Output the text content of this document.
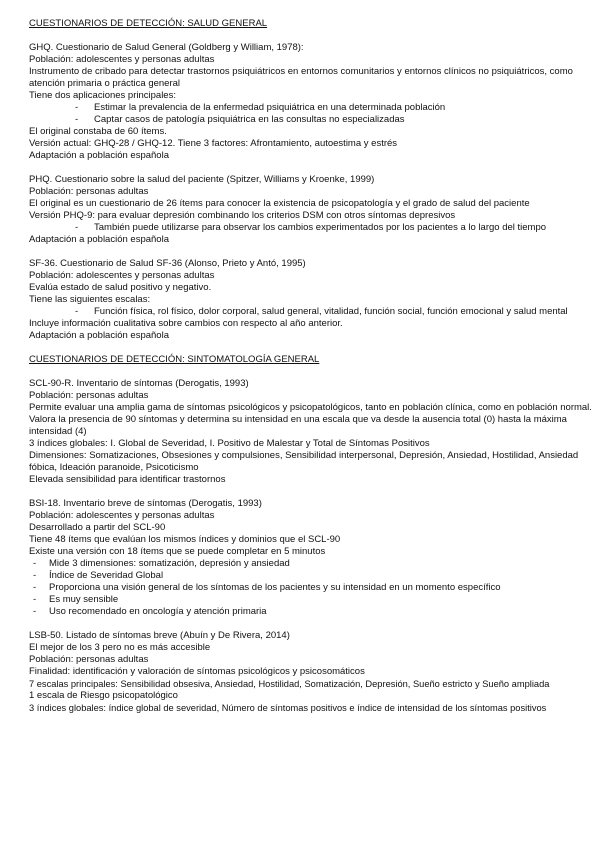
CUESTIONARIOS DE DETECCIÓN: SALUD GENERAL

GHQ. Cuestionario de Salud General (Goldberg y William, 1978):

Población: adolescentes y personas adultas

Instrumento de cribado para detectar trastornos psiquiátricos en entornos comunitarios y entornos clínicos no psiquiátricos, como atención primaria o práctica general

Tiene dos aplicaciones principales:

- Estimar la prevalencia de la enfermedad psiquiátrica en una determinada población
- Captar casos de patología psiquiátrica en las consultas no especializadas

El original constaba de 60 ítems.

Versión actual: GHQ-28 / GHQ-12. Tiene 3 factores: Afrontamiento, autoestima y estrés

Adaptación a población española

PHQ. Cuestionario sobre la salud del paciente (Spitzer, Williams y Kroenke, 1999)

Población: personas adultas

El original es un cuestionario de 26 ítems para conocer la existencia de psicopatología y el grado de salud del paciente

Versión PHQ-9: para evaluar depresión combinando los criterios DSM con otros síntomas depresivos

- También puede utilizarse para observar los cambios experimentados por los pacientes a lo largo del tiempo

Adaptación a población española

SF-36. Cuestionario de Salud SF-36 (Alonso, Prieto y Antó, 1995)

Población: adolescentes y personas adultas

Evalúa estado de salud positivo y negativo.

Tiene las siguientes escalas:

- Función física, rol físico, dolor corporal, salud general, vitalidad, función social, función emocional y salud mental

Incluye información cualitativa sobre cambios con respecto al año anterior.

Adaptación a población española

CUESTIONARIOS DE DETECCIÓN: SINTOMATOLOGÍA GENERAL

SCL-90-R. Inventario de síntomas (Derogatis, 1993)

Población: personas adultas

Permite evaluar una amplia gama de síntomas psicológicos y psicopatológicos, tanto en población clínica, como en población normal.

Valora la presencia de 90 síntomas y determina su intensidad en una escala que va desde la ausencia total (0) hasta la máxima intensidad (4)

3 índices globales: I. Global de Severidad, I. Positivo de Malestar y Total de Síntomas Positivos

Dimensiones: Somatizaciones, Obsesiones y compulsiones, Sensibilidad interpersonal, Depresión, Ansiedad, Hostilidad, Ansiedad fóbica, Ideación paranoide, Psicoticismo

Elevada sensibilidad para identificar trastornos

BSI-18. Inventario breve de síntomas (Derogatis, 1993)

Población: adolescentes y personas adultas

Desarrollado a partir del SCL-90

Tiene 48 ítems que evalúan los mismos índices y dominios que el SCL-90

Existe una versión con 18 ítems que se puede completar en 5 minutos

- Mide 3 dimensiones: somatización, depresión y ansiedad
- Índice de Severidad Global
- Proporciona una visión general de los síntomas de los pacientes y su intensidad en un momento específico
- Es muy sensible
- Uso recomendado en oncología y atención primaria

LSB-50. Listado de síntomas breve (Abuín y De Rivera, 2014)

El mejor de los 3 pero no es más accesible

Población: personas adultas

Finalidad: identificación y valoración de síntomas psicológicos y psicosomáticos

7 escalas principales: Sensibilidad obsesiva, Ansiedad, Hostilidad, Somatización, Depresión, Sueño estricto y Sueño ampliada

1 escala de Riesgo psicopatológico

3 índices globales: índice global de severidad, Número de síntomas positivos e índice de intensidad de los síntomas positivos
